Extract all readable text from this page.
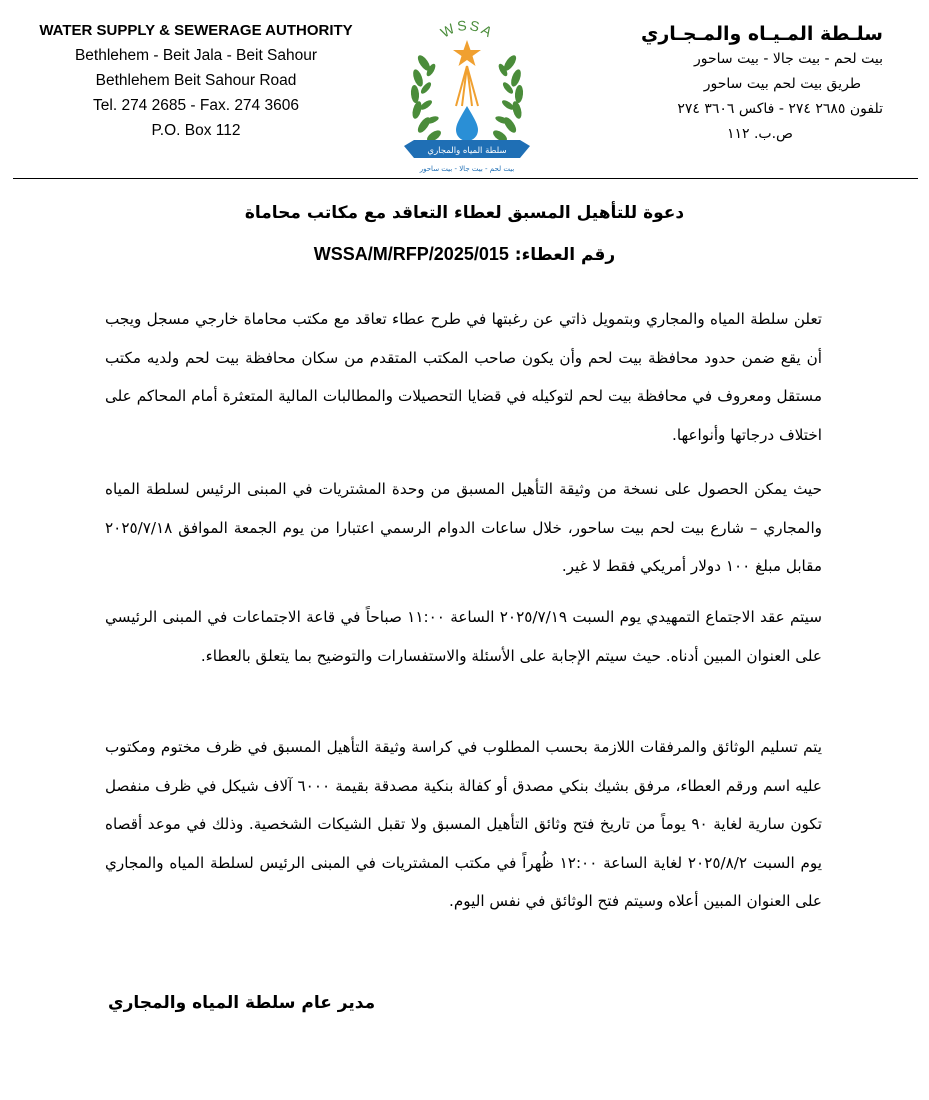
WATER SUPPLY & SEWERAGE AUTHORITY
Bethlehem - Beit Jala - Beit Sahour
Bethlehem Beit Sahour Road
Tel. 274 2685 - Fax. 274 3606
P.O. Box 112
WSSA
سلطة المياه والمجاري
بيت لحم - بيت جالا - بيت ساحور
سلـطة المـيـاه والمـجـاري
بيت لحم - بيت جالا - بيت ساحور
طريق بيت لحم بيت ساحور
تلفون ٢٦٨٥ ٢٧٤ - فاكس ٣٦٠٦ ٢٧٤
ص.ب. ١١٢
دعوة للتأهيل المسبق لعطاء التعاقد مع مكاتب محاماة
رقم العطاء: WSSA/M/RFP/2025/015

تعلن سلطة المياه والمجاري وبتمويل ذاتي عن رغبتها في طرح عطاء تعاقد مع مكتب محاماة خارجي مسجل ويجب أن يقع ضمن حدود محافظة بيت لحم وأن يكون صاحب المكتب المتقدم من سكان محافظة بيت لحم ولديه مكتب مستقل ومعروف في محافظة بيت لحم لتوكيله في قضايا التحصيلات والمطالبات المالية المتعثرة أمام المحاكم على اختلاف درجاتها وأنواعها.

حيث يمكن الحصول على نسخة من وثيقة التأهيل المسبق من وحدة المشتريات في المبنى الرئيس لسلطة المياه والمجاري – شارع بيت لحم بيت ساحور، خلال ساعات الدوام الرسمي اعتبارا من يوم الجمعة الموافق ٢٠٢٥/٧/١٨ مقابل مبلغ ١٠٠ دولار أمريكي فقط لا غير.

سيتم عقد الاجتماع التمهيدي يوم السبت ٢٠٢٥/٧/١٩ الساعة ١١:٠٠ صباحاً في قاعة الاجتماعات في المبنى الرئيسي على العنوان المبين أدناه. حيث سيتم الإجابة على الأسئلة والاستفسارات والتوضيح بما يتعلق بالعطاء.

يتم تسليم الوثائق والمرفقات اللازمة بحسب المطلوب في كراسة وثيقة التأهيل المسبق في ظرف مختوم ومكتوب عليه اسم ورقم العطاء، مرفق بشيك بنكي مصدق أو كفالة بنكية مصدقة بقيمة ٦٠٠٠ آلاف شيكل في ظرف منفصل تكون سارية لغاية ٩٠ يوماً من تاريخ فتح وثائق التأهيل المسبق ولا تقبل الشيكات الشخصية. وذلك في موعد أقصاه يوم السبت ٢٠٢٥/٨/٢ لغاية الساعة ١٢:٠٠ ظُهراً في مكتب المشتريات في المبنى الرئيس لسلطة المياه والمجاري على العنوان المبين أعلاه وسيتم فتح الوثائق في نفس اليوم.

مدير عام سلطة المياه والمجاري
